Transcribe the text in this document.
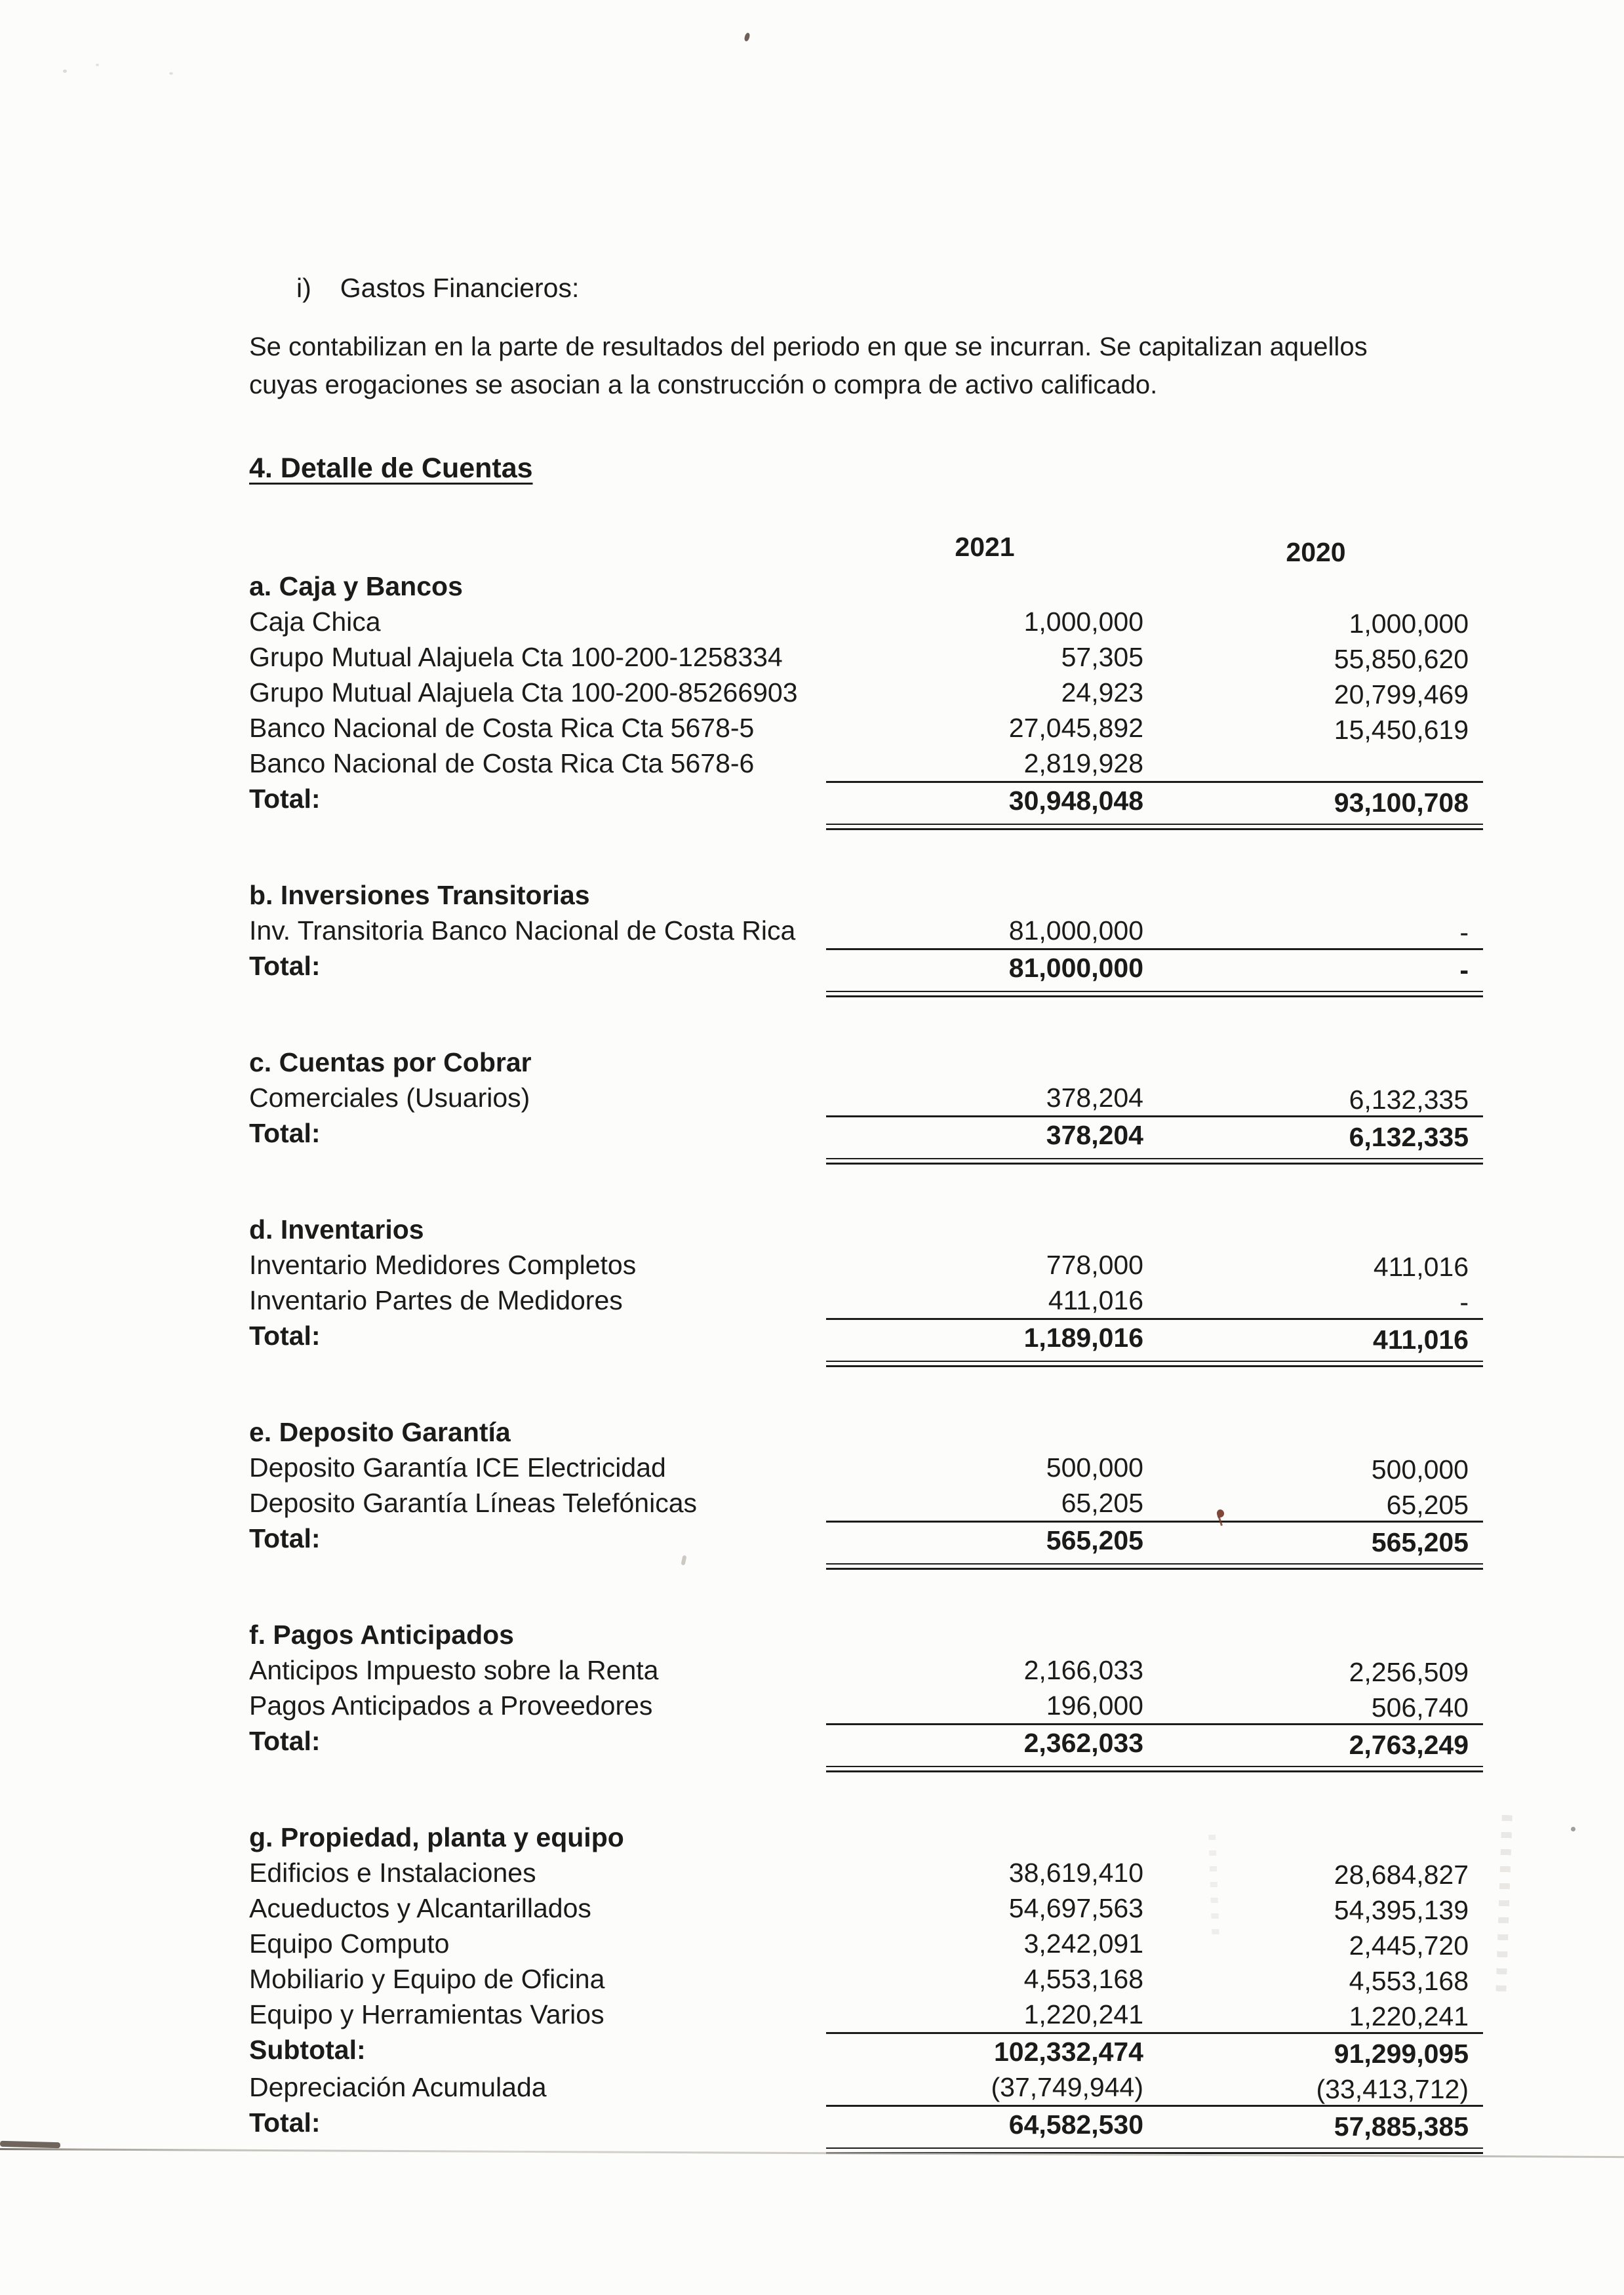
i) Gastos Financieros:
Se contabilizan en la parte de resultados del periodo en que se incurran. Se capitalizan aquellos cuyas erogaciones se asocian a la construcción o compra de activo calificado.
4. Detalle de Cuentas
2021	2020
a. Caja y Bancos
Caja Chica	1,000,000	1,000,000
Grupo Mutual Alajuela Cta 100-200-1258334	57,305	55,850,620
Grupo Mutual Alajuela Cta 100-200-85266903	24,923	20,799,469
Banco Nacional de Costa Rica Cta 5678-5	27,045,892	15,450,619
Banco Nacional de Costa Rica Cta 5678-6	2,819,928
Total:	30,948,048	93,100,708
b. Inversiones Transitorias
Inv. Transitoria Banco Nacional de Costa Rica	81,000,000	-
Total:	81,000,000	-
c. Cuentas por Cobrar
Comerciales (Usuarios)	378,204	6,132,335
Total:	378,204	6,132,335
d. Inventarios
Inventario Medidores Completos	778,000	411,016
Inventario Partes de Medidores	411,016	-
Total:	1,189,016	411,016
e. Deposito Garantía
Deposito Garantía ICE Electricidad	500,000	500,000
Deposito Garantía Líneas Telefónicas	65,205	65,205
Total:	565,205	565,205
f. Pagos Anticipados
Anticipos Impuesto sobre la Renta	2,166,033	2,256,509
Pagos Anticipados a Proveedores	196,000	506,740
Total:	2,362,033	2,763,249
g. Propiedad, planta y equipo
Edificios e Instalaciones	38,619,410	28,684,827
Acueductos y Alcantarillados	54,697,563	54,395,139
Equipo Computo	3,242,091	2,445,720
Mobiliario y Equipo de Oficina	4,553,168	4,553,168
Equipo y Herramientas Varios	1,220,241	1,220,241
Subtotal:	102,332,474	91,299,095
Depreciación Acumulada	(37,749,944)	(33,413,712)
Total:	64,582,530	57,885,385
